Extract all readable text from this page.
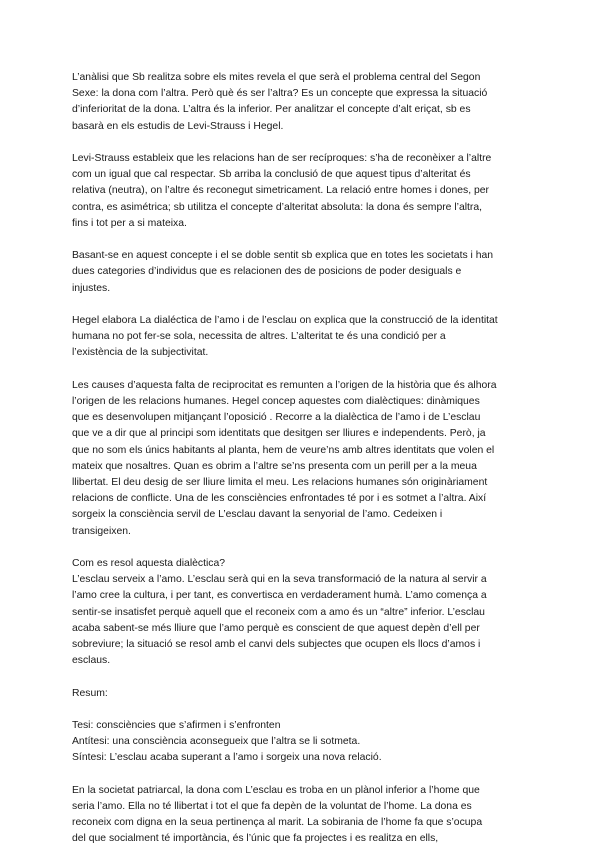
L’anàlisi que Sb realitza sobre els mites revela el que serà el problema central del Segon
Sexe: la dona com l’altra. Però què és ser l’altra? Es un concepte que expressa la situació
d’inferioritat de la dona. L’altra és la inferior. Per analitzar el concepte d’alt eriçat, sb es
basarà en els estudis de Levi-Strauss i Hegel.
Levi-Strauss estableix que les relacions han de ser recíproques: s’ha de reconèixer a l’altre
com un igual que cal respectar. Sb arriba la conclusió de que aquest tipus d’alteritat és
relativa (neutra), on l’altre és reconegut simetricament. La relació entre homes i dones, per
contra, es asimétrica; sb utilitza el concepte d’alteritat absoluta: la dona és sempre l’altra,
fins i tot per a si mateixa.
Basant-se en aquest concepte i el se doble sentit sb explica que en totes les societats i han
dues categories d’individus que es relacionen des de posicions de poder desiguals e
injustes.
Hegel elabora La dialéctica de l’amo i de l’esclau on explica que la construcció de la identitat
humana no pot fer-se sola, necessita de altres. L’alteritat te és una condició per a
l’existència de la subjectivitat.
Les causes d’aquesta falta de reciprocitat es remunten a l’origen de la història que és alhora
l’origen de les relacions humanes. Hegel concep aquestes com dialèctiques: dinàmiques
que es desenvolupen mitjançant l’oposició . Recorre a la dialèctica de l’amo i de L’esclau
que ve a dir que al principi som identitats que desitgen ser lliures e independents. Però, ja
que no som els únics habitants al planta, hem de veure’ns amb altres identitats que volen el
mateix que nosaltres. Quan es obrim a l’altre se’ns presenta com un perill per a la meua
llibertat. El deu desig de ser lliure limita el meu. Les relacions humanes són originàriament
relacions de conflicte. Una de les consciències enfrontades té por i es sotmet a l’altra. Així
sorgeix la consciència servil de L’esclau davant la senyorial de l’amo. Cedeixen i
transigeixen.
Com es resol aquesta dialèctica?
L’esclau serveix a l’amo. L’esclau serà qui en la seva transformació de la natura al servir a
l’amo cree la cultura, i per tant, es convertisca en verdaderament humà. L’amo comença a
sentir-se insatisfet perquè aquell que el reconeix com a amo és un “altre” inferior. L’esclau
acaba sabent-se més lliure que l’amo perquè es conscient de que aquest depèn d’ell per
sobreviure; la situació se resol amb el canvi dels subjectes que ocupen els llocs d’amos i
esclaus.
Resum:
Tesi: consciències que s’afirmen i s’enfronten
Antítesi: una consciència aconsegueix que l’altra se li sotmeta.
Síntesi: L’esclau acaba superant a l’amo i sorgeix una nova relació.
En la societat patriarcal, la dona com L’esclau es troba en un plànol inferior a l’home que
seria l’amo. Ella no té llibertat i tot el que fa depèn de la voluntat de l’home. La dona es
reconeix com digna en la seua pertinença al marit. La sobirania de l’home fa que s’ocupa
del que socialment té importància, és l’únic que fa projectes i es realitza en ells,
